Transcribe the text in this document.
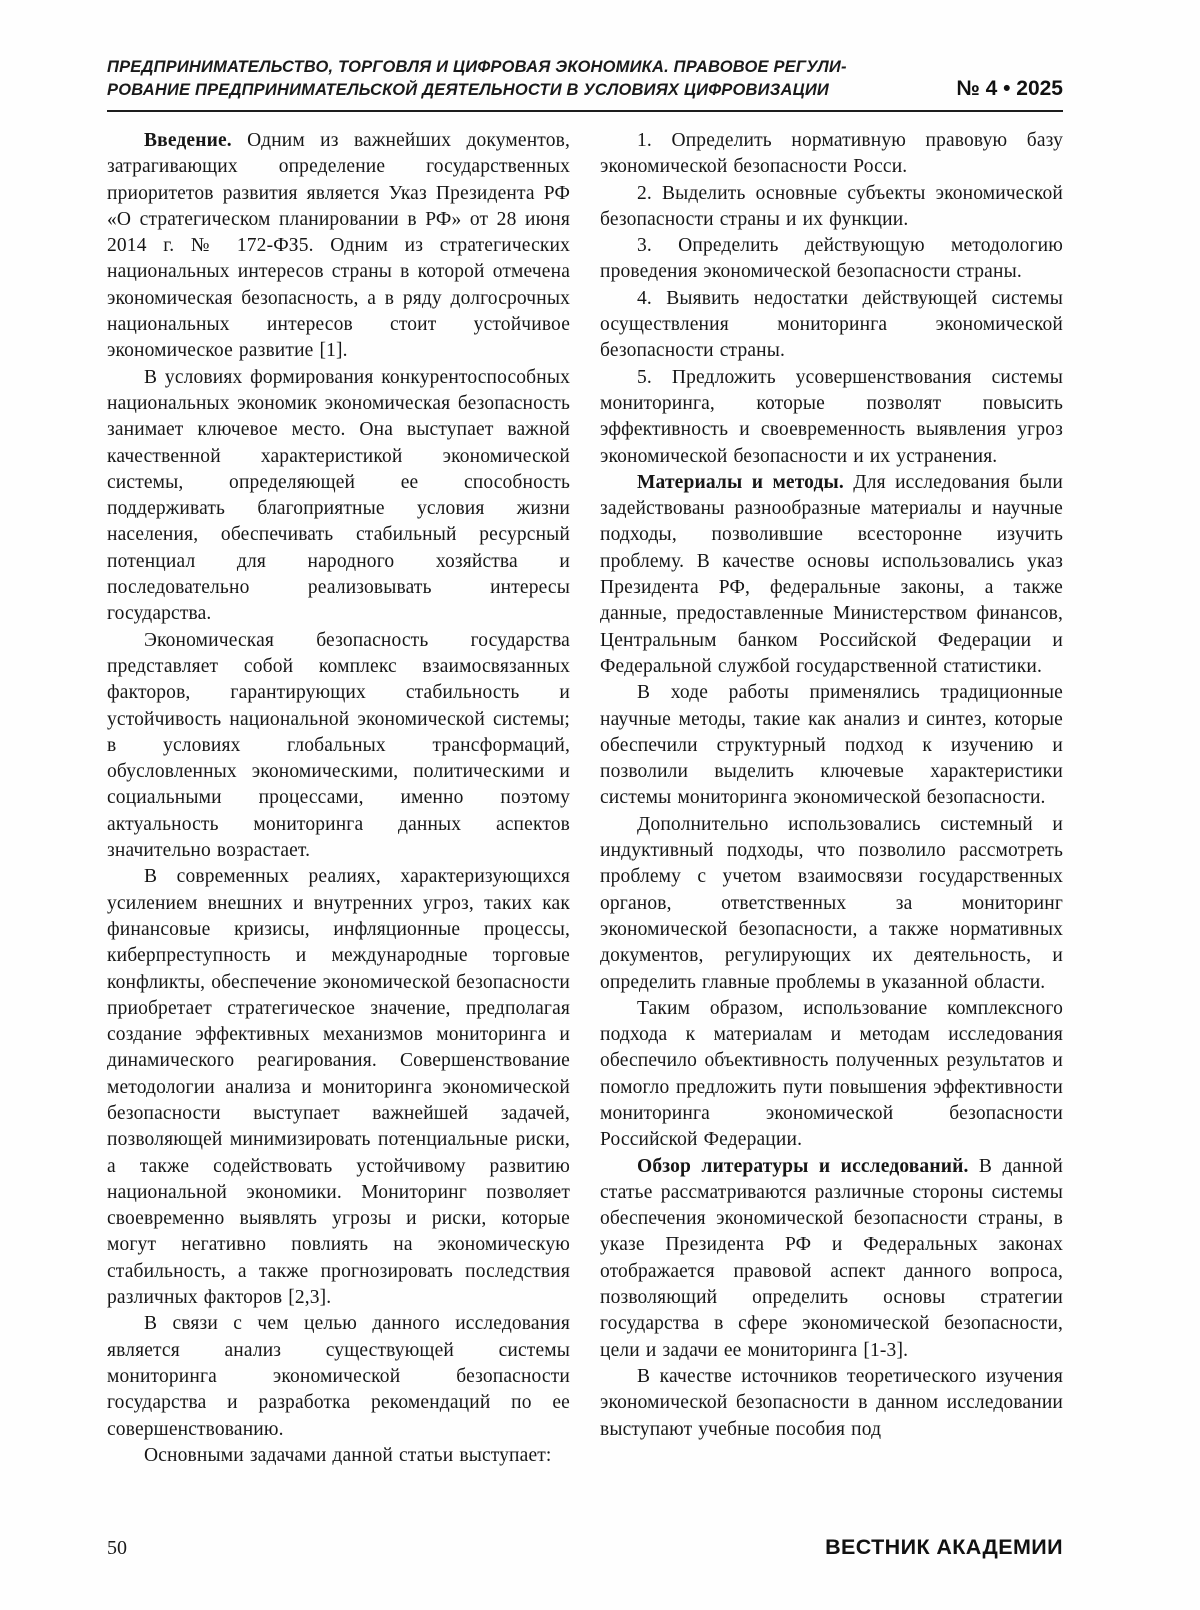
ПРЕДПРИНИМАТЕЛЬСТВО, ТОРГОВЛЯ И ЦИФРОВАЯ ЭКОНОМИКА. ПРАВОВОЕ РЕГУЛИ-
РОВАНИЕ ПРЕДПРИНИМАТЕЛЬСКОЙ ДЕЯТЕЛЬНОСТИ В УСЛОВИЯХ ЦИФРОВИЗАЦИИ	№ 4 • 2025

Введение. Одним из важнейших документов, затрагивающих определение государственных приоритетов развития является Указ Президента РФ «О стратегическом планировании в РФ» от 28 июня 2014 г. № 172-ФЗ5. Одним из стратегических национальных интересов страны в которой отмечена экономическая безопасность, а в ряду долгосрочных национальных интересов стоит устойчивое экономическое развитие [1].

В условиях формирования конкурентоспособных национальных экономик экономическая безопасность занимает ключевое место. Она выступает важной качественной характеристикой экономической системы, определяющей ее способность поддерживать благоприятные условия жизни населения, обеспечивать стабильный ресурсный потенциал для народного хозяйства и последовательно реализовывать интересы государства.

Экономическая безопасность государства представляет собой комплекс взаимосвязанных факторов, гарантирующих стабильность и устойчивость национальной экономической системы; в условиях глобальных трансформаций, обусловленных экономическими, политическими и социальными процессами, именно поэтому актуальность мониторинга данных аспектов значительно возрастает.

В современных реалиях, характеризующихся усилением внешних и внутренних угроз, таких как финансовые кризисы, инфляционные процессы, киберпреступность и международные торговые конфликты, обеспечение экономической безопасности приобретает стратегическое значение, предполагая создание эффективных механизмов мониторинга и динамического реагирования. Совершенствование методологии анализа и мониторинга экономической безопасности выступает важнейшей задачей, позволяющей минимизировать потенциальные риски, а также содействовать устойчивому развитию национальной экономики. Мониторинг позволяет своевременно выявлять угрозы и риски, которые могут негативно повлиять на экономическую стабильность, а также прогнозировать последствия различных факторов [2,3].

В связи с чем целью данного исследования является анализ существующей системы мониторинга экономической безопасности государства и разработка рекомендаций по ее совершенствованию.

Основными задачами данной статьи выступает:

1. Определить нормативную правовую базу экономической безопасности Росси.

2. Выделить основные субъекты экономической безопасности страны и их функции.

3. Определить действующую методологию проведения экономической безопасности страны.

4. Выявить недостатки действующей системы осуществления мониторинга экономической безопасности страны.

5. Предложить усовершенствования системы мониторинга, которые позволят повысить эффективность и своевременность выявления угроз экономической безопасности и их устранения.

Материалы и методы. Для исследования были задействованы разнообразные материалы и научные подходы, позволившие всесторонне изучить проблему. В качестве основы использовались указ Президента РФ, федеральные законы, а также данные, предоставленные Министерством финансов, Центральным банком Российской Федерации и Федеральной службой государственной статистики.

В ходе работы применялись традиционные научные методы, такие как анализ и синтез, которые обеспечили структурный подход к изучению и позволили выделить ключевые характеристики системы мониторинга экономической безопасности.

Дополнительно использовались системный и индуктивный подходы, что позволило рассмотреть проблему с учетом взаимосвязи государственных органов, ответственных за мониторинг экономической безопасности, а также нормативных документов, регулирующих их деятельность, и определить главные проблемы в указанной области.

Таким образом, использование комплексного подхода к материалам и методам исследования обеспечило объективность полученных результатов и помогло предложить пути повышения эффективности мониторинга экономической безопасности Российской Федерации.

Обзор литературы и исследований. В данной статье рассматриваются различные стороны системы обеспечения экономической безопасности страны, в указе Президента РФ и Федеральных законах отображается правовой аспект данного вопроса, позволяющий определить основы стратегии государства в сфере экономической безопасности, цели и задачи ее мониторинга [1-3].

В качестве источников теоретического изучения экономической безопасности в данном исследовании выступают учебные пособия под

50	ВЕСТНИК АКАДЕМИИ
